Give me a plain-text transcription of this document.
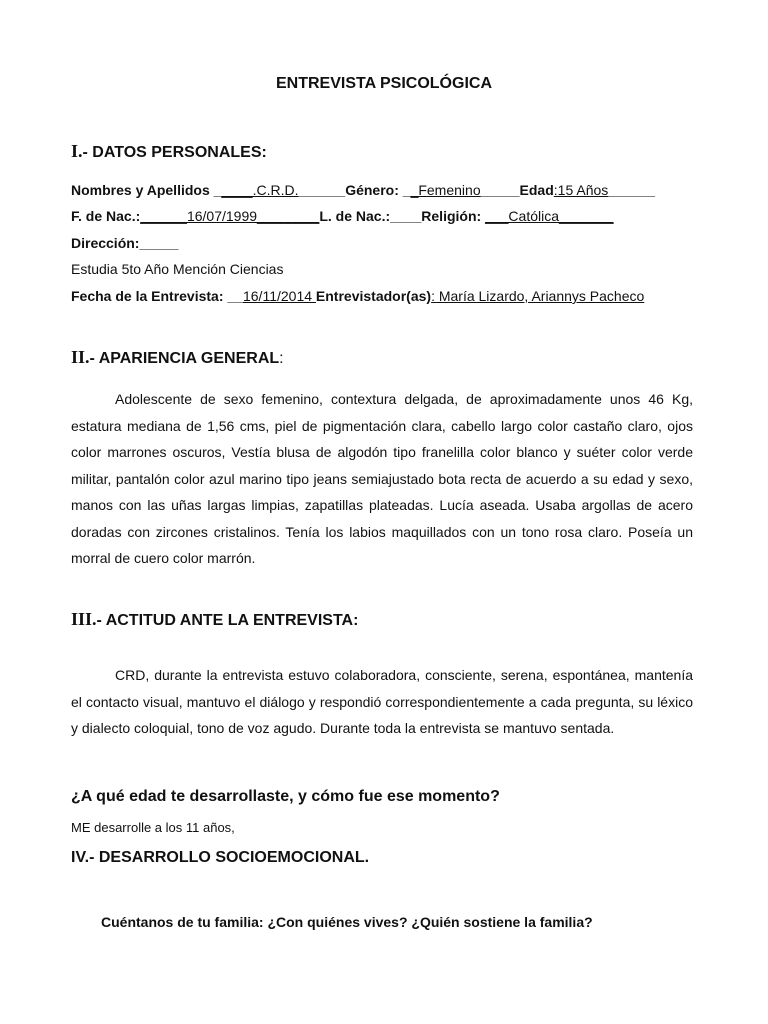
ENTREVISTA PSICOLÓGICA
I.- DATOS PERSONALES:
Nombres y Apellidos _____.C.R.D.______Género: __Femenino_____Edad:15 Años______
F. de Nac.:______16/07/1999________L. de Nac.:____Religión: ___Católica_______
Dirección:_____
Estudia 5to Año Mención Ciencias
Fecha de la Entrevista: __16/11/2014 Entrevistador(as): María Lizardo, Ariannys Pacheco
II.- APARIENCIA GENERAL:
Adolescente de sexo femenino, contextura delgada, de aproximadamente unos 46 Kg, estatura mediana de 1,56 cms, piel de pigmentación clara, cabello largo color castaño claro, ojos color marrones oscuros, Vestía blusa de algodón tipo franelilla color blanco y suéter color verde militar, pantalón color azul marino tipo jeans semiajustado bota recta de acuerdo a su edad y sexo, manos con las uñas largas limpias, zapatillas plateadas. Lucía aseada. Usaba argollas de acero doradas con zircones cristalinos. Tenía los labios maquillados con un tono rosa claro. Poseía un morral de cuero color marrón.
III.- ACTITUD ANTE LA ENTREVISTA:
CRD, durante la entrevista estuvo colaboradora, consciente, serena, espontánea, mantenía el contacto visual, mantuvo el diálogo y respondió correspondientemente a cada pregunta, su léxico y dialecto coloquial, tono de voz agudo. Durante toda la entrevista se mantuvo sentada.
¿A qué edad te desarrollaste, y cómo fue ese momento?
ME desarrolle a los 11 años,
IV.- DESARROLLO SOCIOEMOCIONAL.
Cuéntanos de tu familia: ¿Con quiénes vives? ¿Quién sostiene la familia?
